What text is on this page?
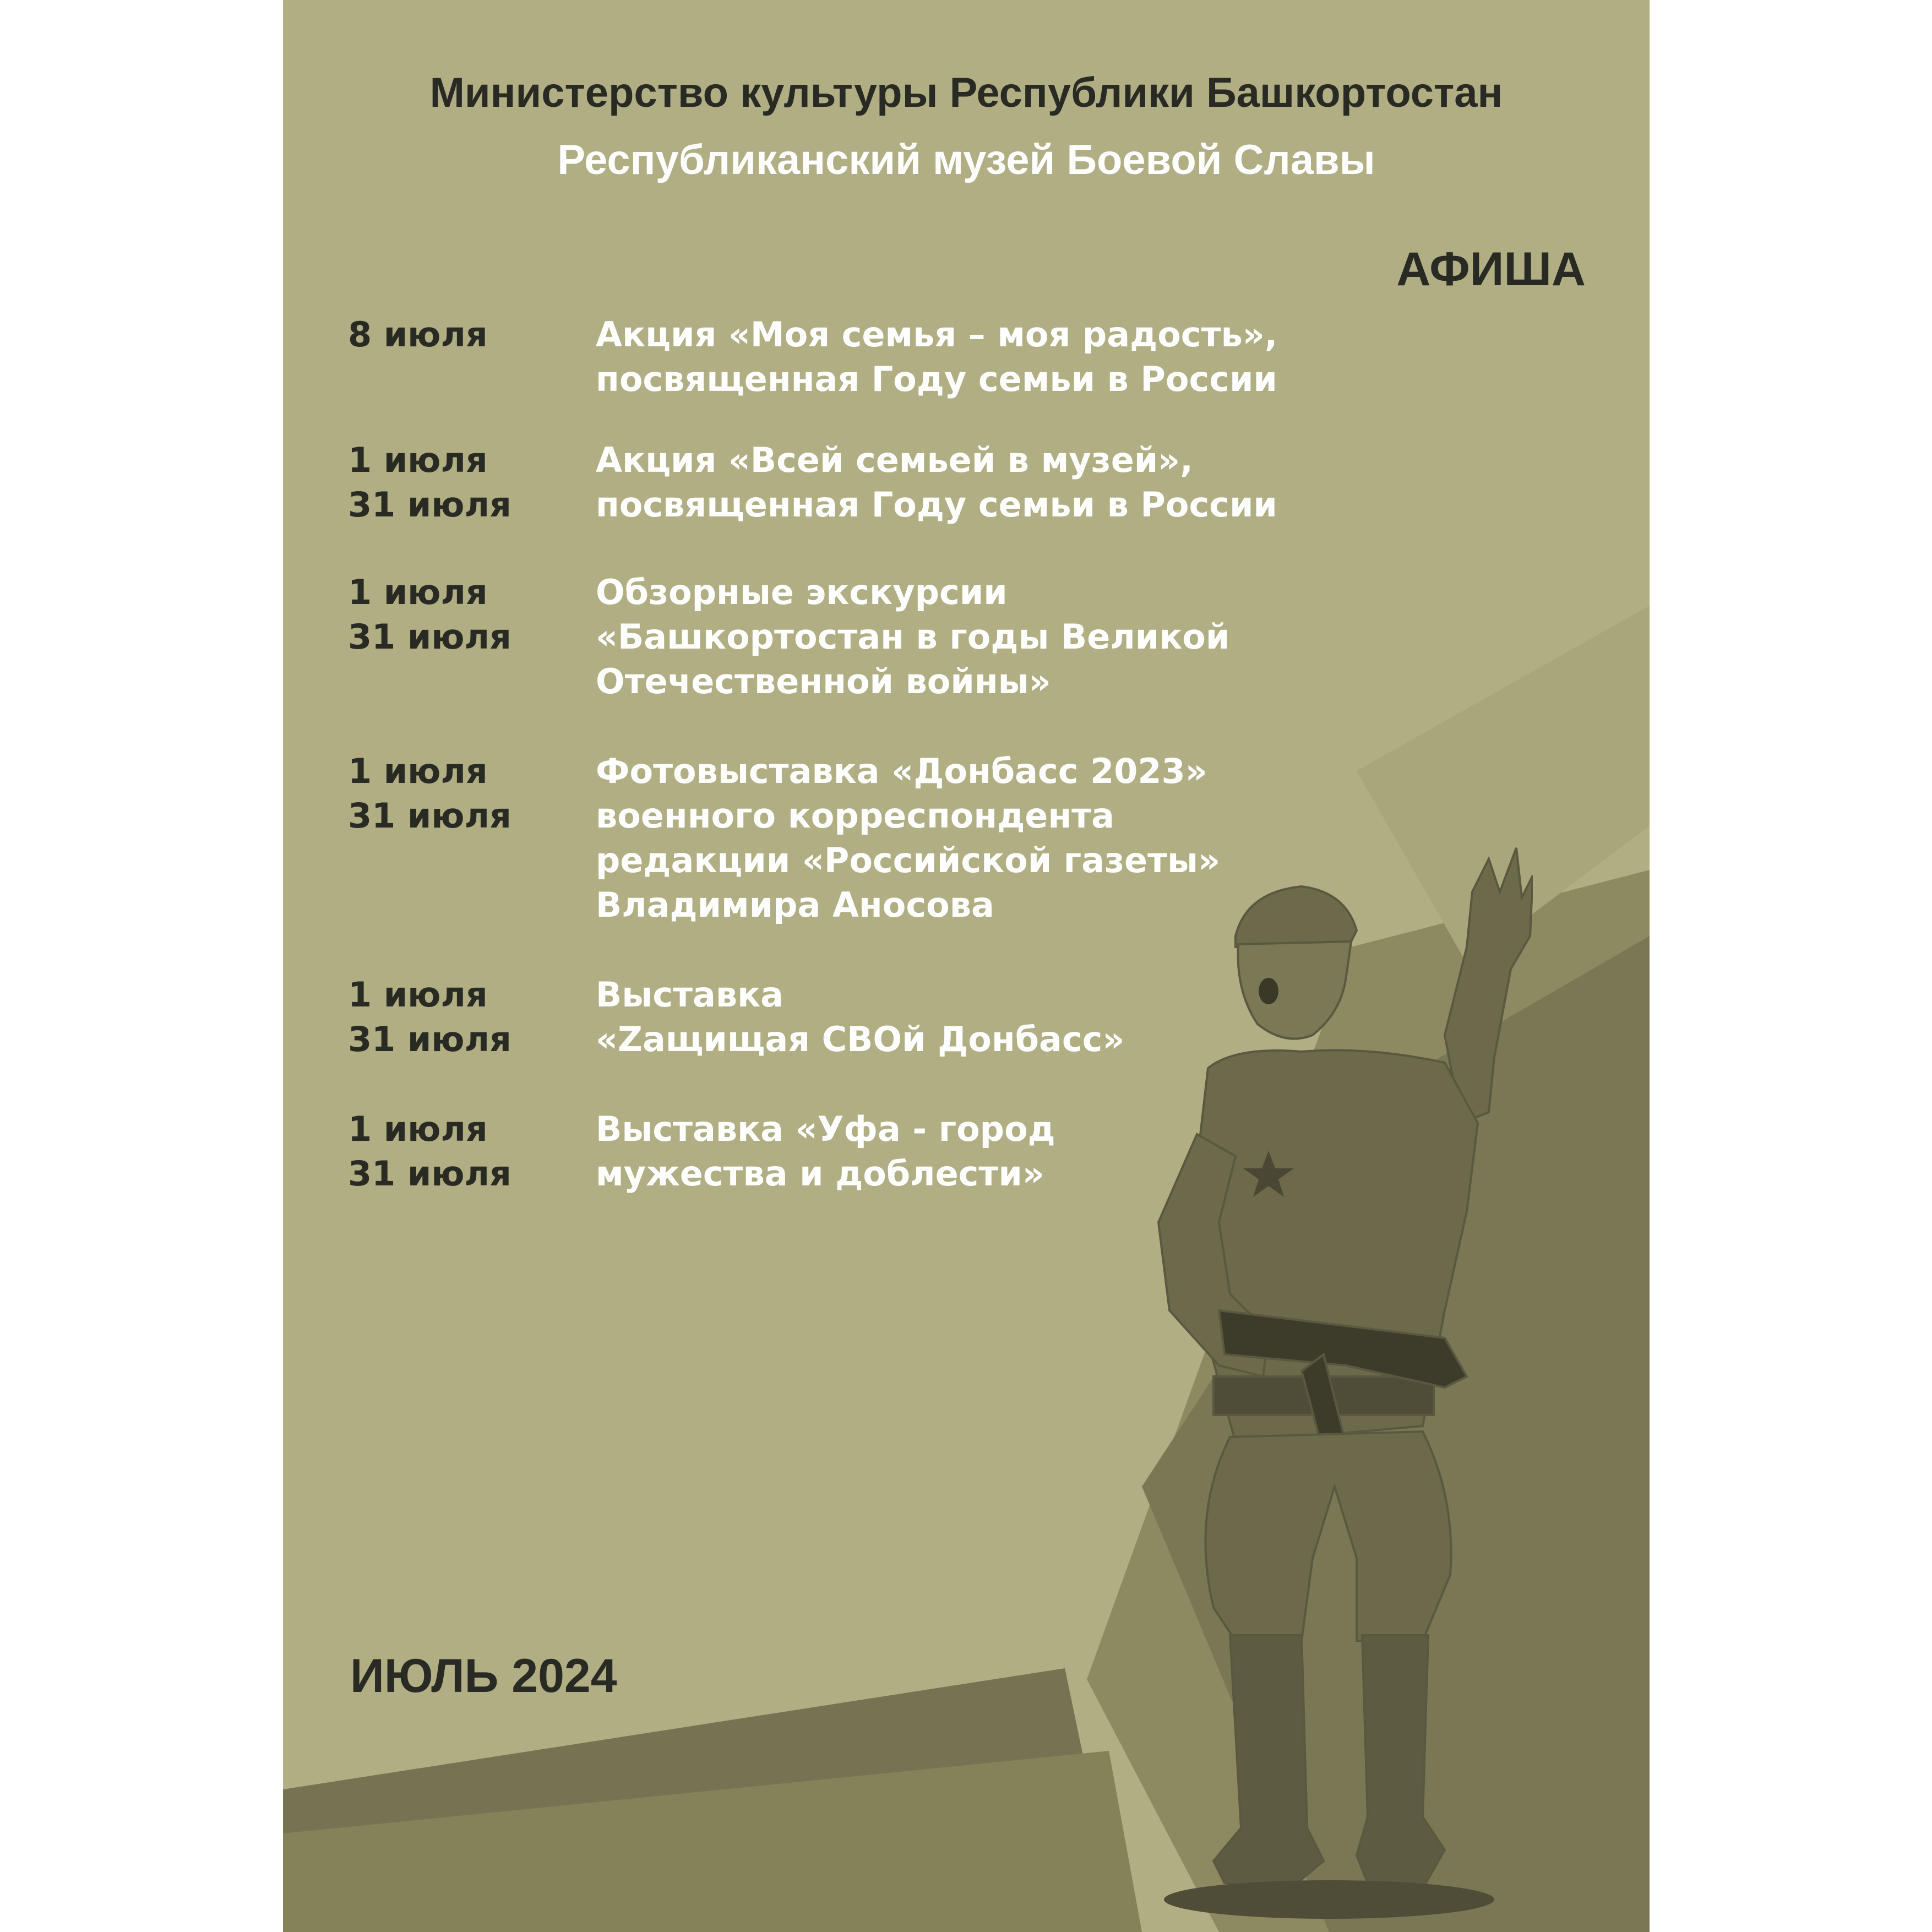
Министерство культуры Республики Башкортостан
Республиканский музей Боевой Славы
АФИША
8 июля	Акция «Моя семья – моя радость»,
посвященная Году семьи в России
1 июля
31 июля
Акция «Всей семьей в музей»,
посвященная Году семьи в России
1 июля
31 июля
Обзорные экскурсии
«Башкортостан в годы Великой
Отечественной войны»
1 июля
31 июля
Фотовыставка «Донбасс 2023»
военного корреспондента
редакции «Российской газеты»
Владимира Аносова
1 июля
31 июля
Выставка
«Zащищая СВОй Донбасс»
1 июля
31 июля
Выставка «Уфа - город
мужества и доблести»
ИЮЛЬ 2024
